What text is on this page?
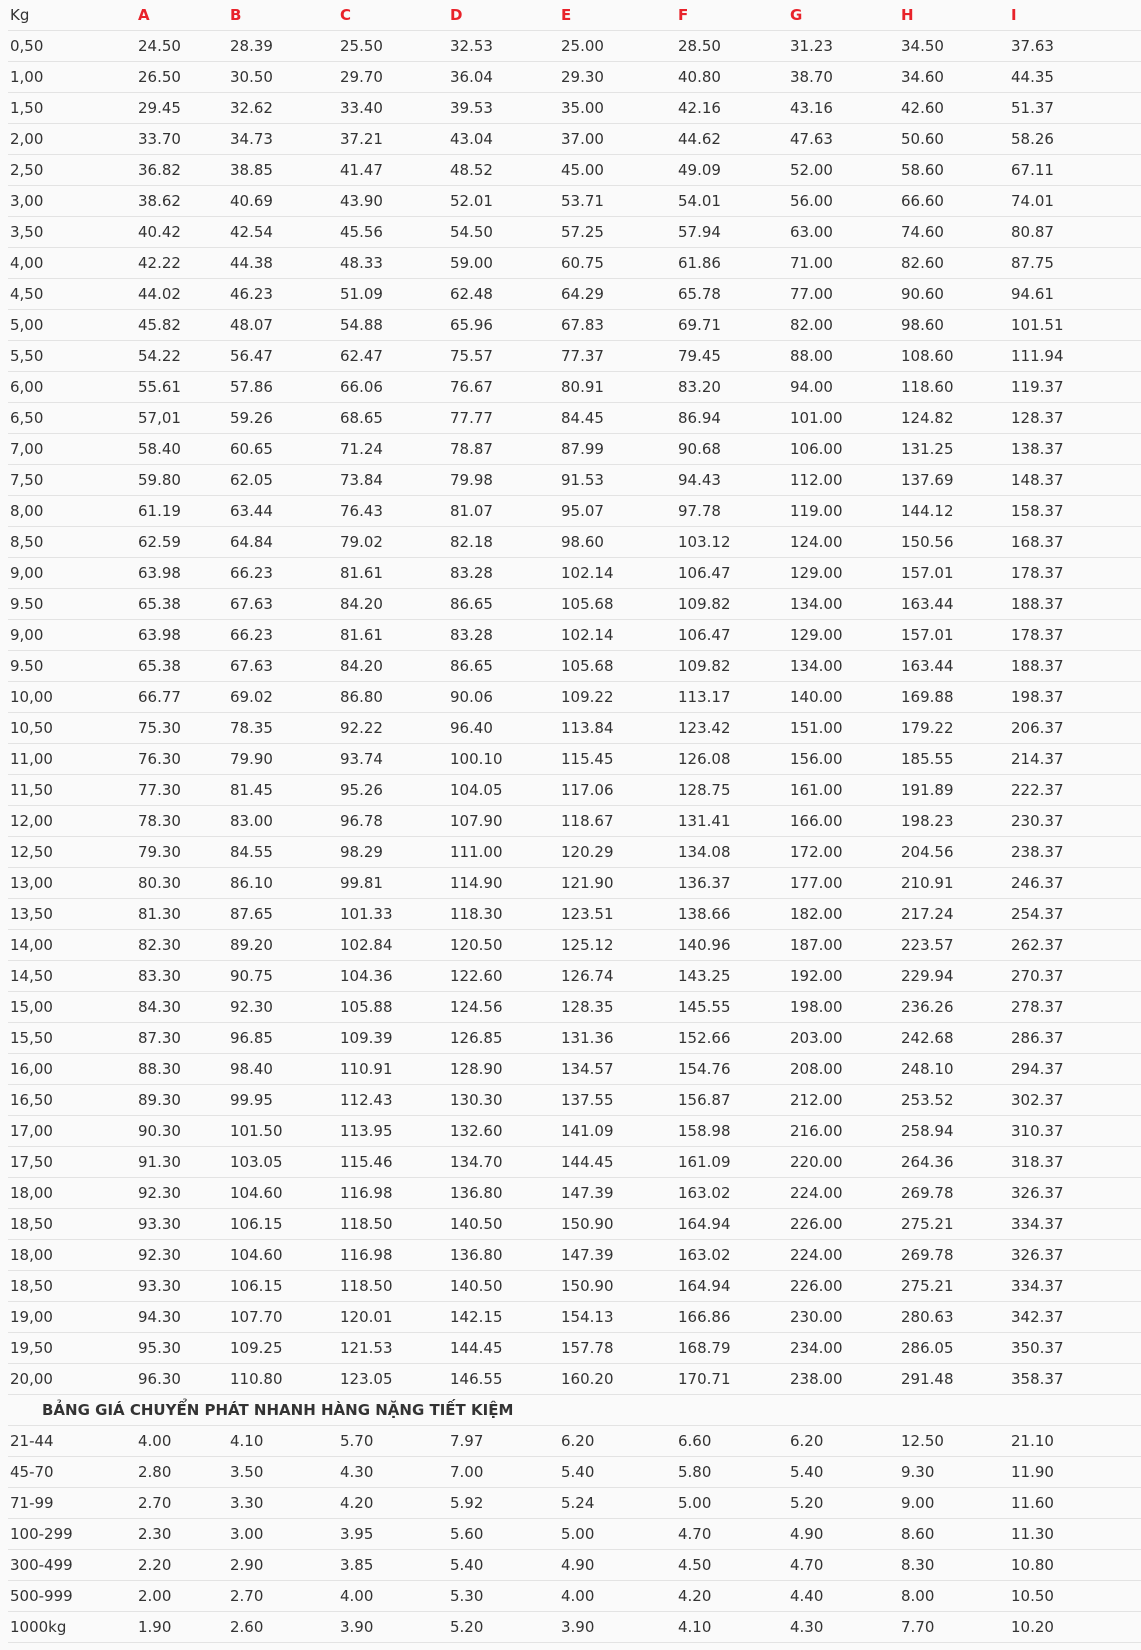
Kg	A	B	C	D	E	F	G	H	I
0,50	24.50	28.39	25.50	32.53	25.00	28.50	31.23	34.50	37.63
1,00	26.50	30.50	29.70	36.04	29.30	40.80	38.70	34.60	44.35
1,50	29.45	32.62	33.40	39.53	35.00	42.16	43.16	42.60	51.37
2,00	33.70	34.73	37.21	43.04	37.00	44.62	47.63	50.60	58.26
2,50	36.82	38.85	41.47	48.52	45.00	49.09	52.00	58.60	67.11
3,00	38.62	40.69	43.90	52.01	53.71	54.01	56.00	66.60	74.01
3,50	40.42	42.54	45.56	54.50	57.25	57.94	63.00	74.60	80.87
4,00	42.22	44.38	48.33	59.00	60.75	61.86	71.00	82.60	87.75
4,50	44.02	46.23	51.09	62.48	64.29	65.78	77.00	90.60	94.61
5,00	45.82	48.07	54.88	65.96	67.83	69.71	82.00	98.60	101.51
5,50	54.22	56.47	62.47	75.57	77.37	79.45	88.00	108.60	111.94
6,00	55.61	57.86	66.06	76.67	80.91	83.20	94.00	118.60	119.37
6,50	57,01	59.26	68.65	77.77	84.45	86.94	101.00	124.82	128.37
7,00	58.40	60.65	71.24	78.87	87.99	90.68	106.00	131.25	138.37
7,50	59.80	62.05	73.84	79.98	91.53	94.43	112.00	137.69	148.37
8,00	61.19	63.44	76.43	81.07	95.07	97.78	119.00	144.12	158.37
8,50	62.59	64.84	79.02	82.18	98.60	103.12	124.00	150.56	168.37
9,00	63.98	66.23	81.61	83.28	102.14	106.47	129.00	157.01	178.37
9.50	65.38	67.63	84.20	86.65	105.68	109.82	134.00	163.44	188.37
9,00	63.98	66.23	81.61	83.28	102.14	106.47	129.00	157.01	178.37
9.50	65.38	67.63	84.20	86.65	105.68	109.82	134.00	163.44	188.37
10,00	66.77	69.02	86.80	90.06	109.22	113.17	140.00	169.88	198.37
10,50	75.30	78.35	92.22	96.40	113.84	123.42	151.00	179.22	206.37
11,00	76.30	79.90	93.74	100.10	115.45	126.08	156.00	185.55	214.37
11,50	77.30	81.45	95.26	104.05	117.06	128.75	161.00	191.89	222.37
12,00	78.30	83.00	96.78	107.90	118.67	131.41	166.00	198.23	230.37
12,50	79.30	84.55	98.29	111.00	120.29	134.08	172.00	204.56	238.37
13,00	80.30	86.10	99.81	114.90	121.90	136.37	177.00	210.91	246.37
13,50	81.30	87.65	101.33	118.30	123.51	138.66	182.00	217.24	254.37
14,00	82.30	89.20	102.84	120.50	125.12	140.96	187.00	223.57	262.37
14,50	83.30	90.75	104.36	122.60	126.74	143.25	192.00	229.94	270.37
15,00	84.30	92.30	105.88	124.56	128.35	145.55	198.00	236.26	278.37
15,50	87.30	96.85	109.39	126.85	131.36	152.66	203.00	242.68	286.37
16,00	88.30	98.40	110.91	128.90	134.57	154.76	208.00	248.10	294.37
16,50	89.30	99.95	112.43	130.30	137.55	156.87	212.00	253.52	302.37
17,00	90.30	101.50	113.95	132.60	141.09	158.98	216.00	258.94	310.37
17,50	91.30	103.05	115.46	134.70	144.45	161.09	220.00	264.36	318.37
18,00	92.30	104.60	116.98	136.80	147.39	163.02	224.00	269.78	326.37
18,50	93.30	106.15	118.50	140.50	150.90	164.94	226.00	275.21	334.37
18,00	92.30	104.60	116.98	136.80	147.39	163.02	224.00	269.78	326.37
18,50	93.30	106.15	118.50	140.50	150.90	164.94	226.00	275.21	334.37
19,00	94.30	107.70	120.01	142.15	154.13	166.86	230.00	280.63	342.37
19,50	95.30	109.25	121.53	144.45	157.78	168.79	234.00	286.05	350.37
20,00	96.30	110.80	123.05	146.55	160.20	170.71	238.00	291.48	358.37
BẢNG GIÁ CHUYỂN PHÁT NHANH HÀNG NẶNG TIẾT KIỆM									
21-44	4.00	4.10	5.70	7.97	6.20	6.60	6.20	12.50	21.10
45-70	2.80	3.50	4.30	7.00	5.40	5.80	5.40	9.30	11.90
71-99	2.70	3.30	4.20	5.92	5.24	5.00	5.20	9.00	11.60
100-299	2.30	3.00	3.95	5.60	5.00	4.70	4.90	8.60	11.30
300-499	2.20	2.90	3.85	5.40	4.90	4.50	4.70	8.30	10.80
500-999	2.00	2.70	4.00	5.30	4.00	4.20	4.40	8.00	10.50
1000kg	1.90	2.60	3.90	5.20	3.90	4.10	4.30	7.70	10.20
